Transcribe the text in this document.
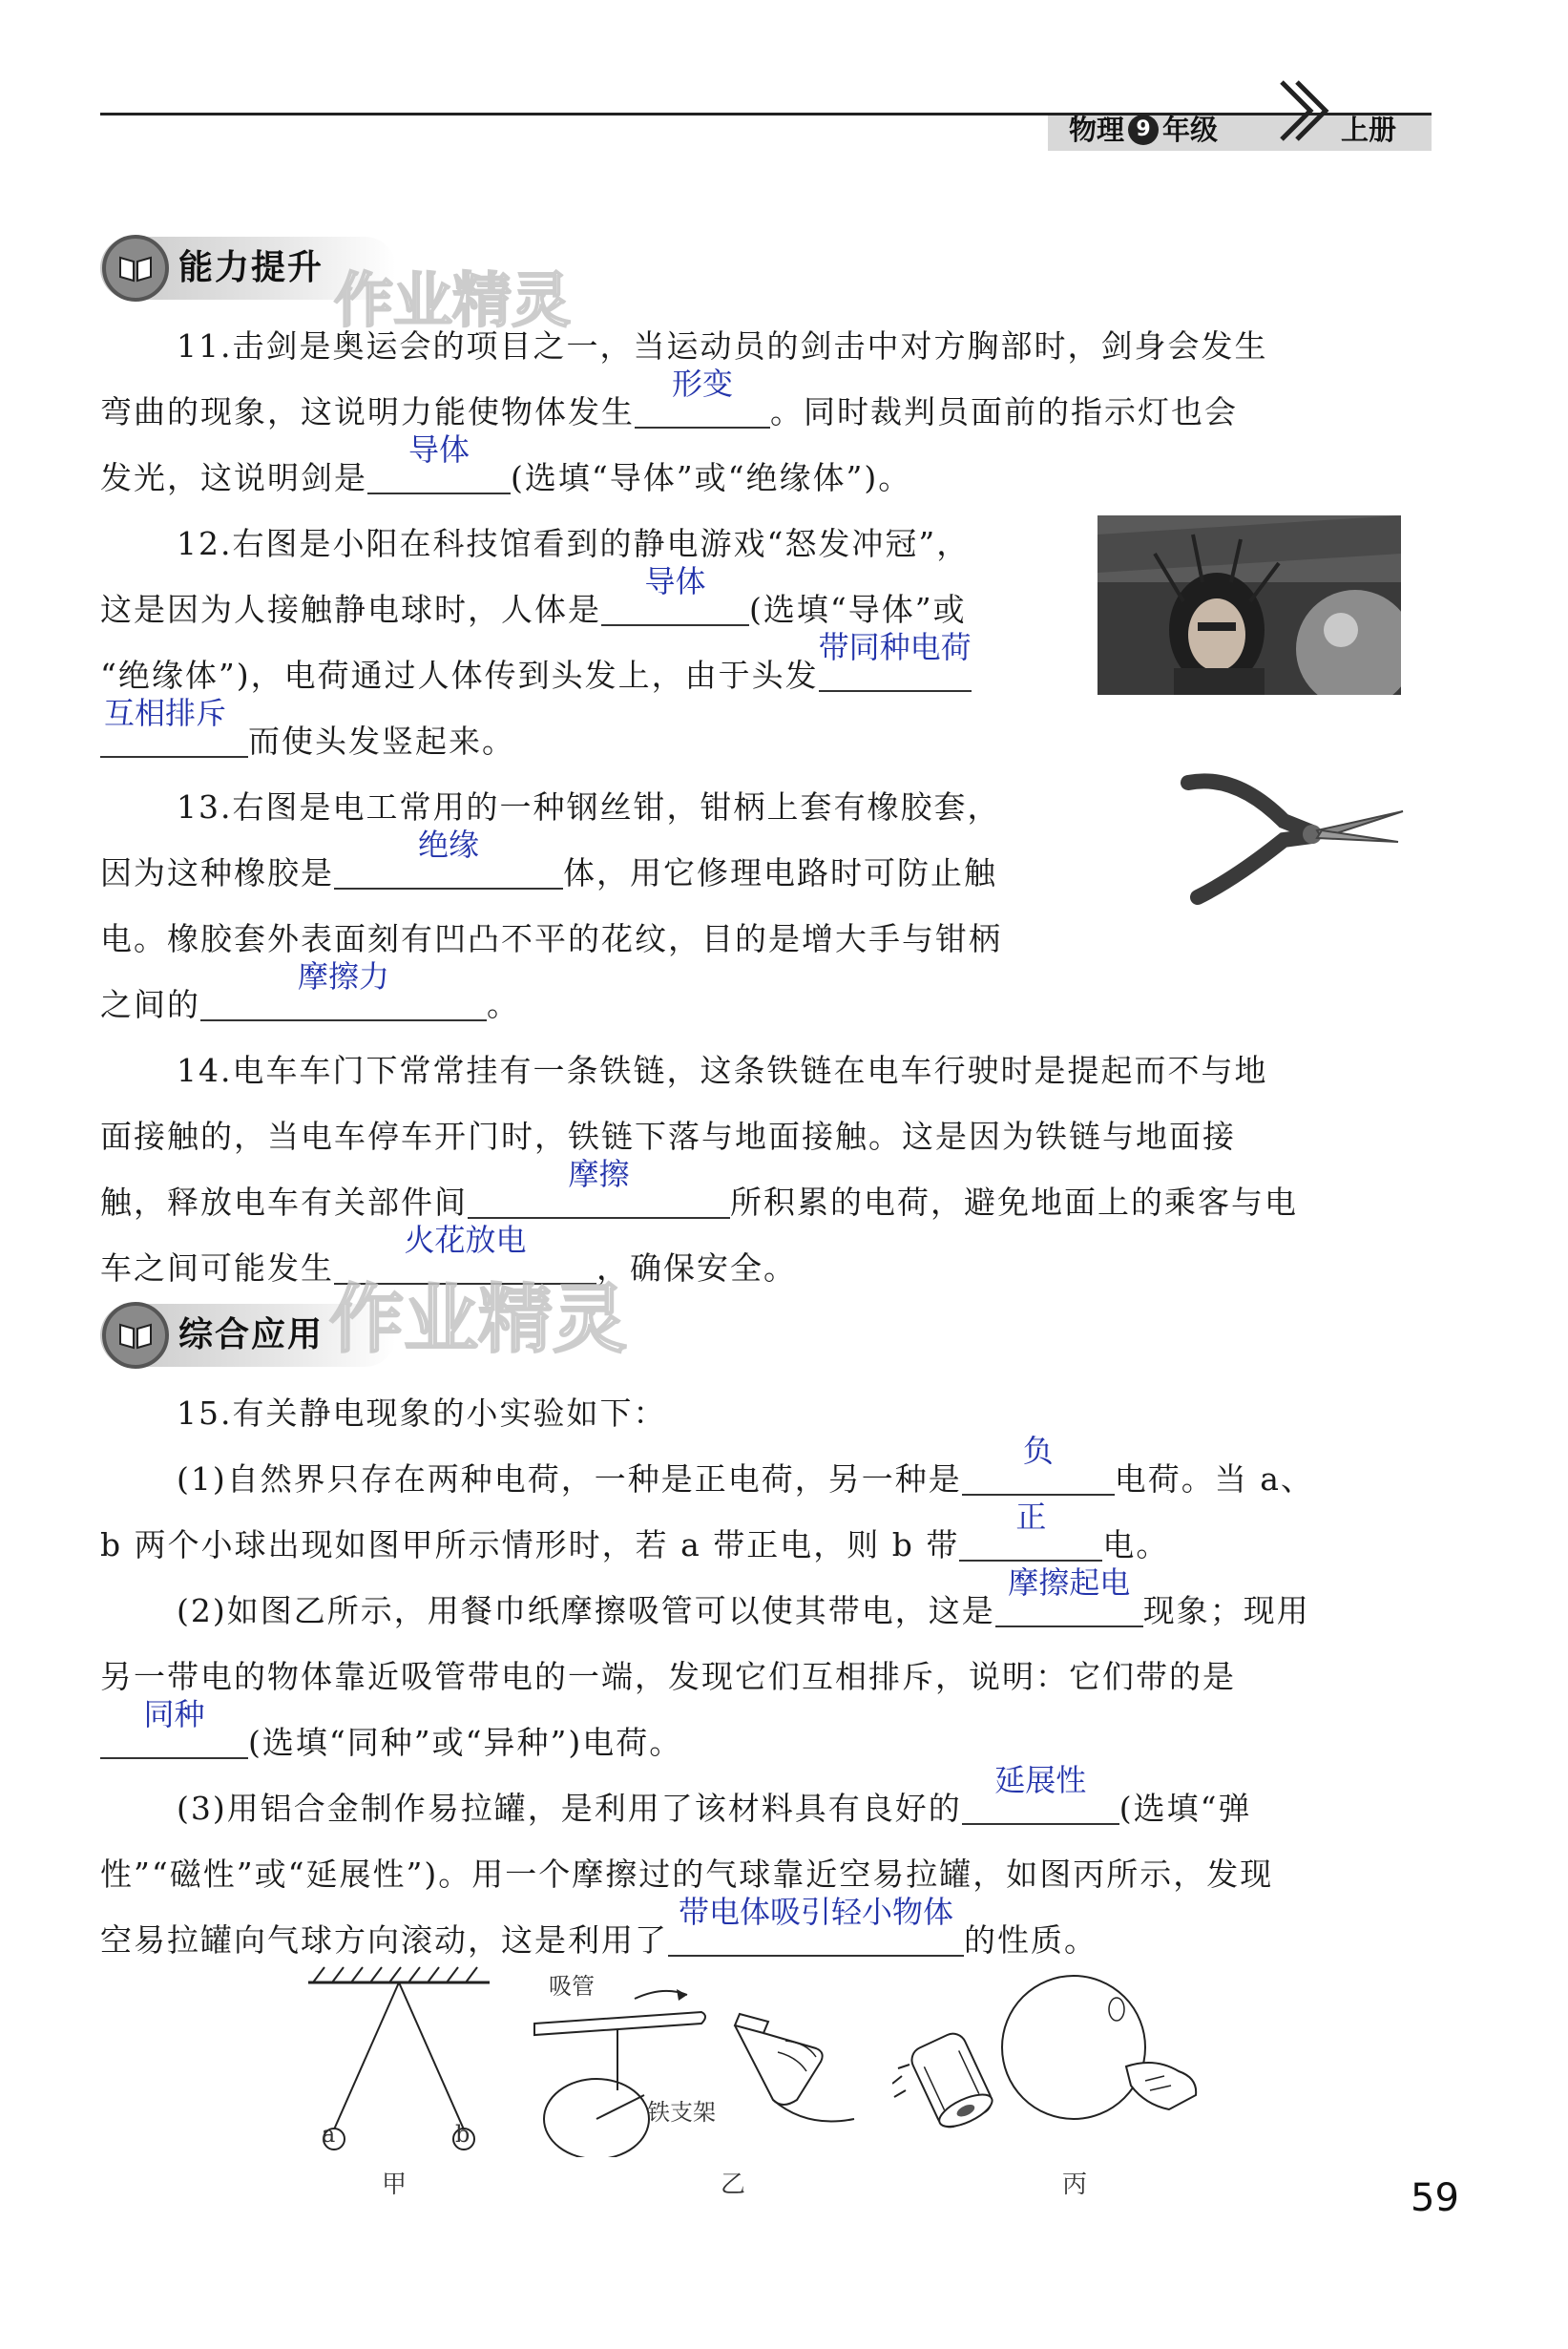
物理 9 年级	上册
能力提升 作业精灵
11.击剑是奥运会的项目之一，当运动员的剑击中对方胸部时，剑身会发生
弯曲的现象，这说明力能使物体发生
形变
。同时裁判员面前的指示灯也会
发光，这说明剑是
导体
(选填“导体”或“绝缘体”)。
12.右图是小阳在科技馆看到的静电游戏“怒发冲冠”，
这是因为人接触静电球时，人体是
导体
(选填“导体”或
“绝缘体”)，电荷通过人体传到头发上，由于头发
带同种电荷
互相排斥
而使头发竖起来。
13.右图是电工常用的一种钢丝钳，钳柄上套有橡胶套，
因为这种橡胶是
绝缘
体，用它修理电路时可防止触
电。橡胶套外表面刻有凹凸不平的花纹，目的是增大手与钳柄
之间的
摩擦力
。
14.电车车门下常常挂有一条铁链，这条铁链在电车行驶时是提起而不与地
面接触的，当电车停车开门时，铁链下落与地面接触。这是因为铁链与地面接
触，释放电车有关部件间
摩擦
所积累的电荷，避免地面上的乘客与电
车之间可能发生
火花放电
，确保安全。
综合应用 作业精灵
15.有关静电现象的小实验如下：
(1)自然界只存在两种电荷，一种是正电荷，另一种是
负
电荷。当 a、
b 两个小球出现如图甲所示情形时，若 a 带正电，则 b 带
正
电。
(2)如图乙所示，用餐巾纸摩擦吸管可以使其带电，这是
摩擦起电
现象；现用
另一带电的物体靠近吸管带电的一端，发现它们互相排斥，说明：它们带的是
同种
(选填“同种”或“异种”)电荷。
(3)用铝合金制作易拉罐，是利用了该材料具有良好的
延展性
(选填“弹
性”“磁性”或“延展性”)。用一个摩擦过的气球靠近空易拉罐，如图丙所示，发现
空易拉罐向气球方向滚动，这是利用了
带电体吸引轻小物体
的性质。
a	b
甲
吸管
铁支架
乙	丙	59
